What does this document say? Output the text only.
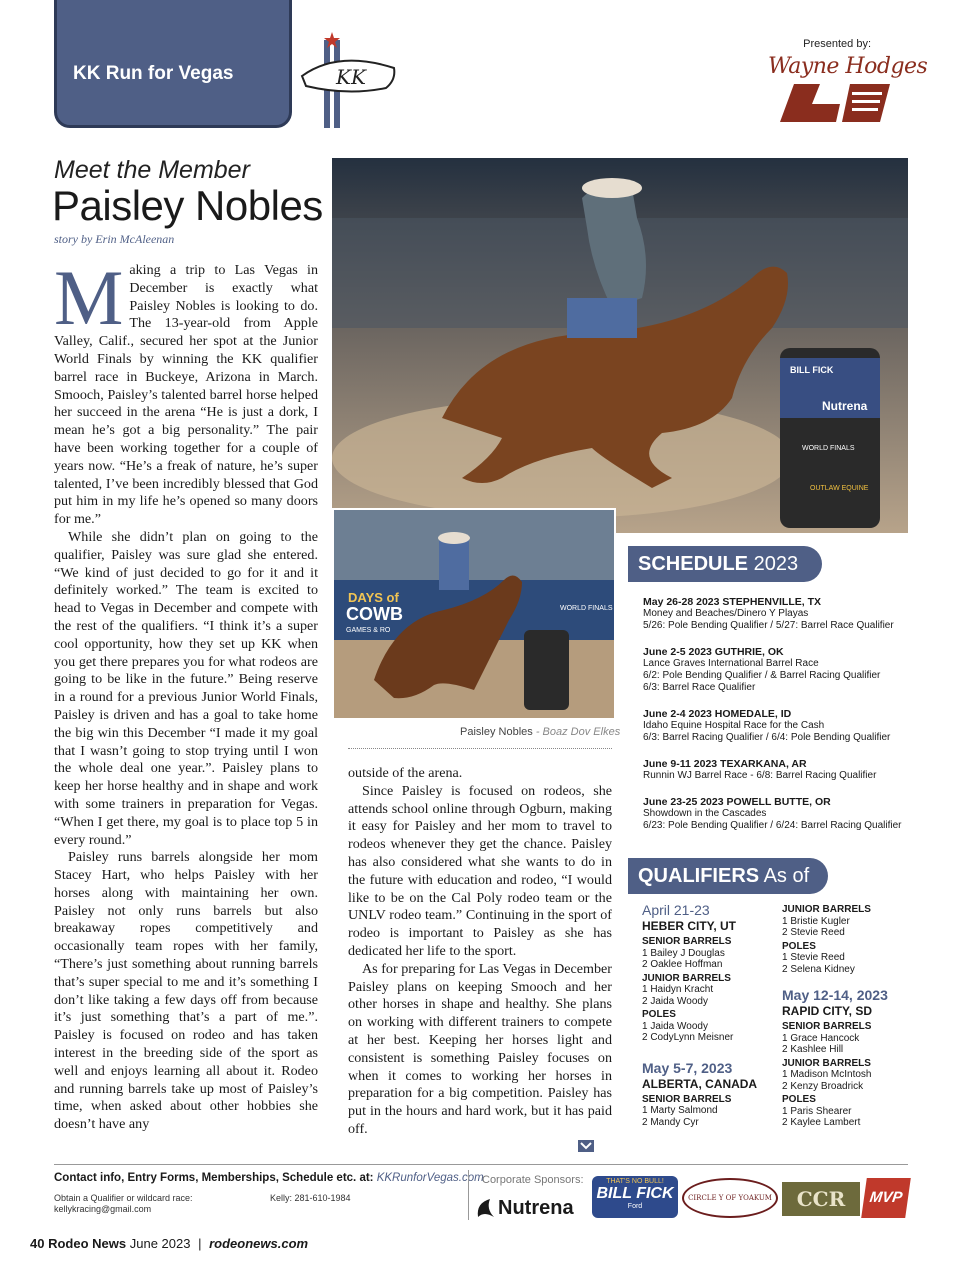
KK Run for Vegas	KK
Presented by:
Wayne Hodges
Meet the Member
Paisley Nobles
story by Erin McAleenan

Making a trip to Las Vegas in December is exactly what Paisley Nobles is looking to do. The 13-year-old from Apple Valley, Calif., secured her spot at the Junior World Finals by winning the KK qualifier barrel race in Buckeye, Arizona in March. Smooch, Paisley’s talented barrel horse helped her succeed in the arena “He is just a dork, I mean he’s got a big personality.” The pair have been working together for a couple of years now. “He’s a freak of nature, he’s super talented, I’ve been incredibly blessed that God put him in my life he’s opened so many doors for me.”

While she didn’t plan on going to the qualifier, Paisley was sure glad she entered. “We kind of just decided to go for it and it definitely worked.” The team is excited to head to Vegas in December and compete with the rest of the qualifiers. “I think it’s a super cool opportunity, how they set up KK when you get there prepares you for what rodeos are going to be like in the future.” Being reserve in a round for a previous Junior World Finals, Paisley is driven and has a goal to take home the big win this December “I made it my goal that I wasn’t going to stop trying until I won the whole deal one year.”. Paisley plans to keep her horse healthy and in shape and work with some trainers in preparation for Vegas. “When I get there, my goal is to place top 5 in every round.”

Paisley runs barrels alongside her mom Stacey Hart, who helps Paisley with her horses along with maintaining her own. Paisley not only runs barrels but also breakaway ropes competitively and occasionally team ropes with her family, “There’s just something about running barrels that’s super special to me and it’s something I don’t like taking a few days off from because it’s just something that’s a part of me.”. Paisley is focused on rodeo and has taken interest in the breeding side of the sport as well and enjoys learning all about it. Rodeo and running barrels take up most of Paisley’s time, when asked about other hobbies she doesn’t have any

Nutrena
WORLD FINALS
OUTLAW EQUINE
BILL FICK
DAYS of
COWB
GAMES & RO
WORLD FINALS
Paisley Nobles - Boaz Dov Elkes

outside of the arena.

Since Paisley is focused on rodeos, she attends school online through Ogburn, making it easy for Paisley and her mom to travel to rodeos whenever they get the chance. Paisley has also considered what she wants to do in the future with education and rodeo, “I would like to be on the Cal Poly rodeo team or the UNLV rodeo team.” Continuing in the sport of rodeo is important to Paisley as she has dedicated her life to the sport.

As for preparing for Las Vegas in December Paisley plans on keeping Smooch and her other horses in shape and healthy. She plans on working with different trainers to compete at her best. Keeping her horses light and consistent is something Paisley focuses on when it comes to working her horses in preparation for a big competition. Paisley has put in the hours and hard work, but it has paid off.

SCHEDULE 2023
May 26-28 2023 STEPHENVILLE, TX
Money and Beaches/Dinero Y Playas
5/26: Pole Bending Qualifier / 5/27: Barrel Race Qualifier
June 2-5 2023 GUTHRIE, OK
Lance Graves International Barrel Race
6/2: Pole Bending Qualifier / & Barrel Racing Qualifier
6/3: Barrel Race Qualifier
June 2-4 2023 HOMEDALE, ID
Idaho Equine Hospital Race for the Cash
6/3: Barrel Racing Qualifier / 6/4: Pole Bending Qualifier
June 9-11 2023 TEXARKANA, AR
Runnin WJ Barrel Race - 6/8: Barrel Racing Qualifier
June 23-25 2023 POWELL BUTTE, OR
Showdown in the Cascades
6/23: Pole Bending Qualifier / 6/24: Barrel Racing Qualifier
QUALIFIERS As of
April 21-23
HEBER CITY, UT
SENIOR BARRELS
1 Bailey J Douglas
2 Oaklee Hoffman
JUNIOR BARRELS
1 Haidyn Kracht
2 Jaida Woody
POLES
1 Jaida Woody
2 CodyLynn Meisner
May 5-7, 2023
ALBERTA, CANADA
SENIOR BARRELS
1 Marty Salmond
2 Mandy Cyr
JUNIOR BARRELS
1 Bristie Kugler
2 Stevie Reed
POLES
1 Stevie Reed
2 Selena Kidney
May 12-14, 2023
RAPID CITY, SD
SENIOR BARRELS
1 Grace Hancock
2 Kashlee Hill
JUNIOR BARRELS
1 Madison McIntosh
2 Kenzy Broadrick
POLES
1 Paris Shearer
2 Kaylee Lambert
Contact info, Entry Forms, Memberships, Schedule etc. at: KKRunforVegas.com
Obtain a Qualifier or wildcard race:
kellykracing@gmail.com
Kelly: 281-610-1984
Corporate Sponsors:
Nutrena
THAT'S NO BULL!
BILL FICK
Ford
CIRCLE Y OF YOAKUM	CCR	MVP
40 Rodeo News June 2023 | rodeonews.com
